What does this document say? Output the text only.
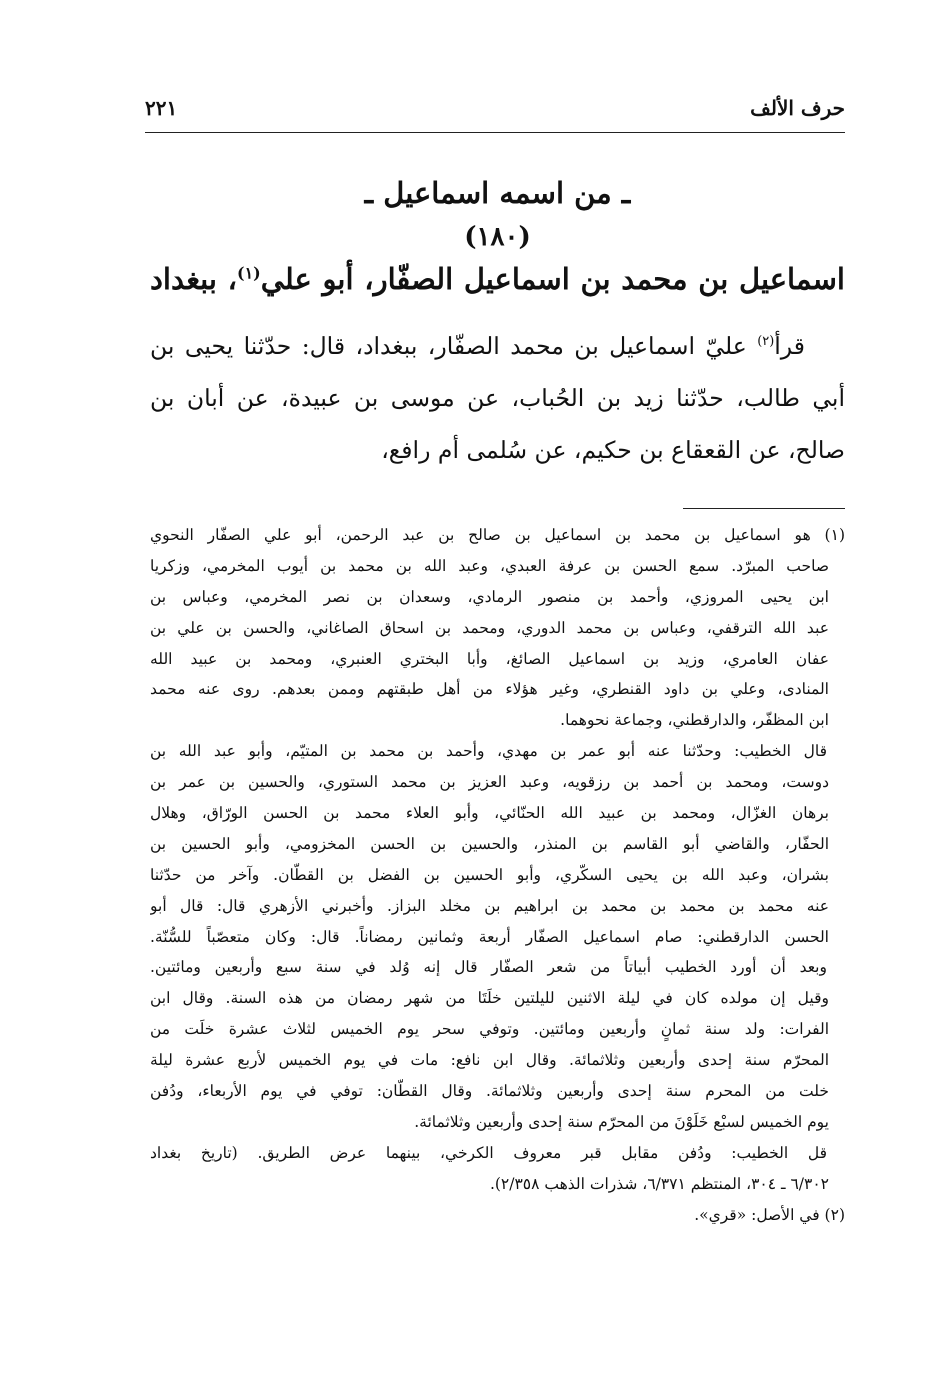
حرف الألف
٢٢١
ـ من اسمه اسماعيل ـ
(١٨٠)
اسماعيل بن محمد بن اسماعيل الصفّار، أبو علي$^{(١)}$، ببغداد
قرأ$^{(٢)}$ عليّ اسماعيل بن محمد الصفّار، ببغداد، قال: حدّثنا يحيى بن
أبي طالب، حدّثنا زيد بن الحُباب، عن موسى بن عبيدة، عن أبان بن
صالح، عن القعقاع بن حكيم، عن سُلمى أم رافع،
(١) هو اسماعيل بن محمد بن اسماعيل بن صالح بن عبد الرحمن، أبو علي الصفّار النحوي
صاحب المبرّد. سمع الحسن بن عرفة العبدي، وعبد الله بن محمد بن أيوب المخرمي، وزكريا
ابن يحيى المروزي، وأحمد بن منصور الرمادي، وسعدان بن نصر المخرمي، وعباس بن
عبد الله الترقفي، وعباس بن محمد الدوري، ومحمد بن اسحاق الصاغاني، والحسن بن علي بن
عفان العامري، وزيد بن اسماعيل الصائغ، وأبا البختري العنبري، ومحمد بن عبيد الله
المنادى، وعلي بن داود القنطري، وغير هؤلاء من أهل طبقتهم وممن بعدهم. روى عنه محمد
ابن المظفّر، والدارقطني، وجماعة نحوهما.
قال الخطيب: وحدّثنا عنه أبو عمر بن مهدي، وأحمد بن محمد بن المتيّم، وأبو عبد الله بن
دوست، ومحمد بن أحمد بن رزقويه، وعبد العزيز بن محمد الستوري، والحسين بن عمر بن
برهان الغزّال، ومحمد بن عبيد الله الحنّائي، وأبو العلاء محمد بن الحسن الورّاق، وهلال
الحفّار، والقاضي أبو القاسم بن المنذر، والحسين بن الحسن المخزومي، وأبو الحسين بن
بشران، وعبد الله بن يحيى السكّري، وأبو الحسين بن الفضل بن القطّان. وآخر من حدّثنا
عنه محمد بن محمد بن محمد بن ابراهيم بن مخلد البزاز. وأخبرني الأزهري قال: قال أبو
الحسن الدارقطني: صام اسماعيل الصفّار أربعة وثمانين رمضاناً. قال: وكان متعصّباً للسُّنّة.
وبعد أن أورد الخطيب أبياتاً من شعر الصفّار قال إنه وُلد في سنة سبع وأربعين ومائتين.
وقيل إن مولده كان في ليلة الاثنين لليلتين خلَتَا من شهر رمضان من هذه السنة. وقال ابن
الفرات: ولد سنة ثمانٍ وأربعين ومائتين. وتوفي سحر يوم الخميس لثلاث عشرة خلَت من
المحرّم سنة إحدى وأربعين وثلاثمائة. وقال ابن نافع: مات في يوم الخميس لأربع عشرة ليلة
خلت من المحرم سنة إحدى وأربعين وثلاثمائة. وقال القطّان: توفي في يوم الأربعاء، ودُفن
يوم الخميس لسبْع خَلَوْنَ من المحرّم سنة إحدى وأربعين وثلاثمائة.
قل الخطيب: ودُفن مقابل قبر معروف الكرخي، بينهما عرض الطريق. (تاريخ بغداد
٦/٣٠٢ ـ ٣٠٤، المنتظم ٦/٣٧١، شذرات الذهب ٢/٣٥٨).
(٢) في الأصل: «قري».
